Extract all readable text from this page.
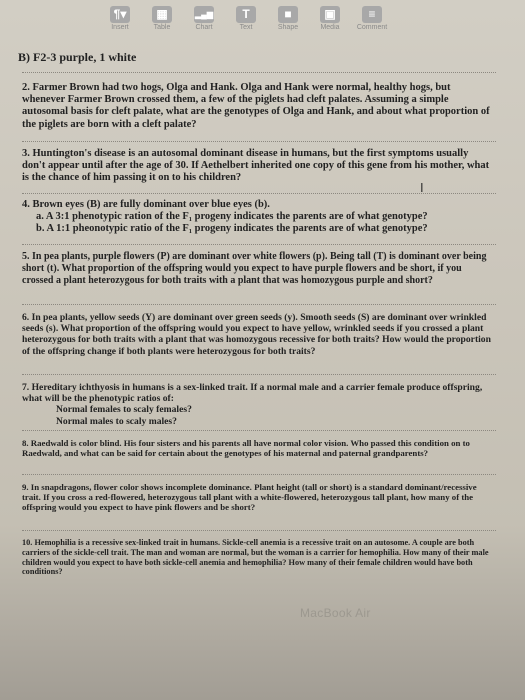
¶▾
Insert
▦
Table
▂▄▆
Chart
T
Text
■
Shape
▣
Media
≡
Comment
B) F2-3 purple, 1 white

2. Farmer Brown had two hogs, Olga and Hank. Olga and Hank were normal, healthy hogs, but whenever Farmer Brown crossed them, a few of the piglets had cleft palates. Assuming a simple autosomal basis for cleft palate, what are the genotypes of Olga and Hank, and about what proportion of the piglets are born with a cleft palate?

3. Huntington's disease is an autosomal dominant disease in humans, but the first symptoms usually don't appear until after the age of 30. If Aethelbert inherited one copy of this gene from his mother, what is the chance of him passing it on to his children?

I

4. Brown eyes (B) are fully dominant over blue eyes (b).

a. A 3:1 phenotypic ration of the F₁ progeny indicates the parents are of what genotype?

b. A 1:1 pheonotypic ratio of the F₁ progeny indicates the parents are of what genotype?

5. In pea plants, purple flowers (P) are dominant over white flowers (p). Being tall (T) is dominant over being short (t). What proportion of the offspring would you expect to have purple flowers and be short, if you crossed a plant heterozygous for both traits with a plant that was homozygous purple and short?

6. In pea plants, yellow seeds (Y) are dominant over green seeds (y). Smooth seeds (S) are dominant over wrinkled seeds (s). What proportion of the offspring would you expect to have yellow, wrinkled seeds if you crossed a plant heterozygous for both traits with a plant that was homozygous recessive for both traits? How would the proportion of the offspring change if both plants were heterozygous for both traits?

7. Hereditary ichthyosis in humans is a sex-linked trait. If a normal male and a carrier female produce offspring, what will be the phenotypic ratios of:

Normal females to scaly females?

Normal males to scaly males?

8. Raedwald is color blind. His four sisters and his parents all have normal color vision. Who passed this condition on to Raedwald, and what can be said for certain about the genotypes of his maternal and paternal grandparents?

9. In snapdragons, flower color shows incomplete dominance. Plant height (tall or short) is a standard dominant/recessive trait. If you cross a red-flowered, heterozygous tall plant with a white-flowered, heterozygous tall plant, how many of the offspring would you expect to have pink flowers and be short?

10. Hemophilia is a recessive sex-linked trait in humans. Sickle-cell anemia is a recessive trait on an autosome. A couple are both carriers of the sickle-cell trait. The man and woman are normal, but the woman is a carrier for hemophilia. How many of their male children would you expect to have both sickle-cell anemia and hemophilia? How many of their female children would have both conditions?

MacBook Air
